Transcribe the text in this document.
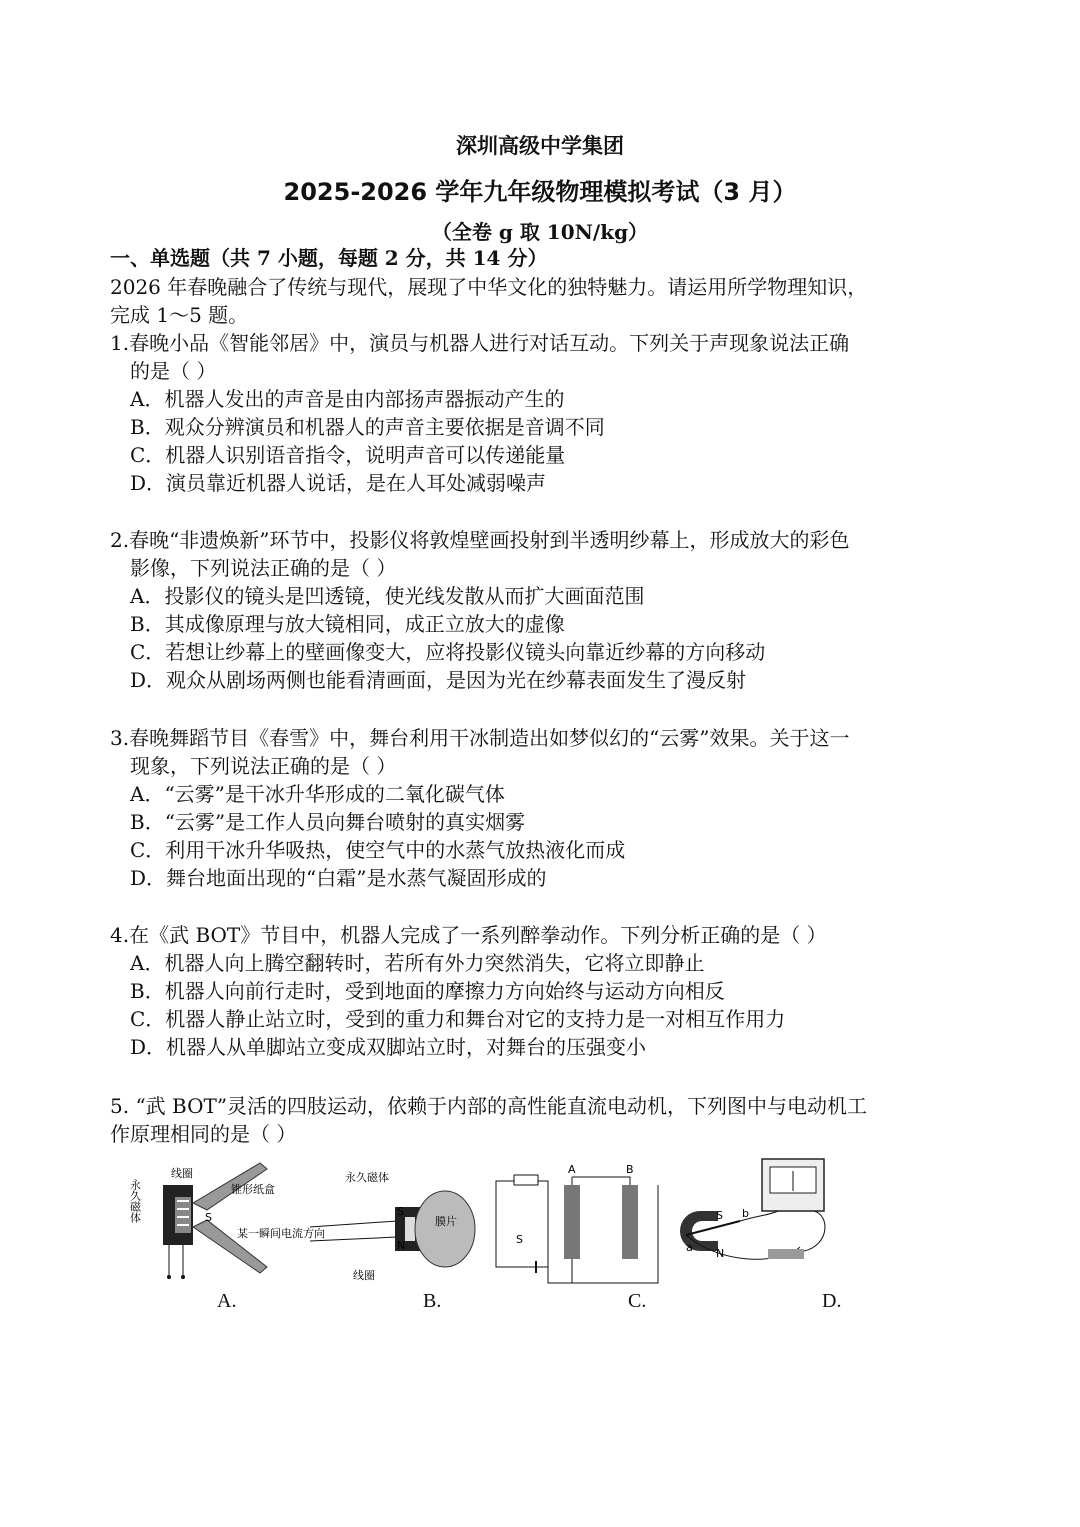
深圳高级中学集团
2025-2026 学年九年级物理模拟考试（3 月）
（全卷 g 取 10N/kg）
一、单选题（共 7 小题，每题 2 分，共 14 分）
2026 年春晚融合了传统与现代，展现了中华文化的独特魅力。请运用所学物理知识，
完成 1～5 题。
1.春晚小品《智能邻居》中，演员与机器人进行对话互动。下列关于声现象说法正确
的是（ ）
A．机器人发出的声音是由内部扬声器振动产生的
B．观众分辨演员和机器人的声音主要依据是音调不同
C．机器人识别语音指令，说明声音可以传递能量
D．演员靠近机器人说话，是在人耳处减弱噪声
2.春晚“非遗焕新”环节中，投影仪将敦煌壁画投射到半透明纱幕上，形成放大的彩色
影像，下列说法正确的是（ ）
A．投影仪的镜头是凹透镜，使光线发散从而扩大画面范围
B．其成像原理与放大镜相同，成正立放大的虚像
C．若想让纱幕上的壁画像变大，应将投影仪镜头向靠近纱幕的方向移动
D．观众从剧场两侧也能看清画面，是因为光在纱幕表面发生了漫反射
3.春晚舞蹈节目《春雪》中，舞台利用干冰制造出如梦似幻的“云雾”效果。关于这一
现象，下列说法正确的是（ ）
A．“云雾”是干冰升华形成的二氧化碳气体
B．“云雾”是工作人员向舞台喷射的真实烟雾
C．利用干冰升华吸热，使空气中的水蒸气放热液化而成
D．舞台地面出现的“白霜”是水蒸气凝固形成的
4.在《武 BOT》节目中，机器人完成了一系列醉拳动作。下列分析正确的是（ ）
A．机器人向上腾空翻转时，若所有外力突然消失，它将立即静止
B．机器人向前行走时，受到地面的摩擦力方向始终与运动方向相反
C．机器人静止站立时，受到的重力和舞台对它的支持力是一对相互作用力
D．机器人从单脚站立变成双脚站立时，对舞台的压强变小
5. “武 BOT”灵活的四肢运动，依赖于内部的高性能直流电动机，下列图中与电动机工
作原理相同的是（ ）
线圈
锥形纸盒
S
永久磁体
某一瞬间电流方向
A.
永久磁体
膜片
线圈
S
N
B.
A	B
S
C.
S
N
a
b
D.
